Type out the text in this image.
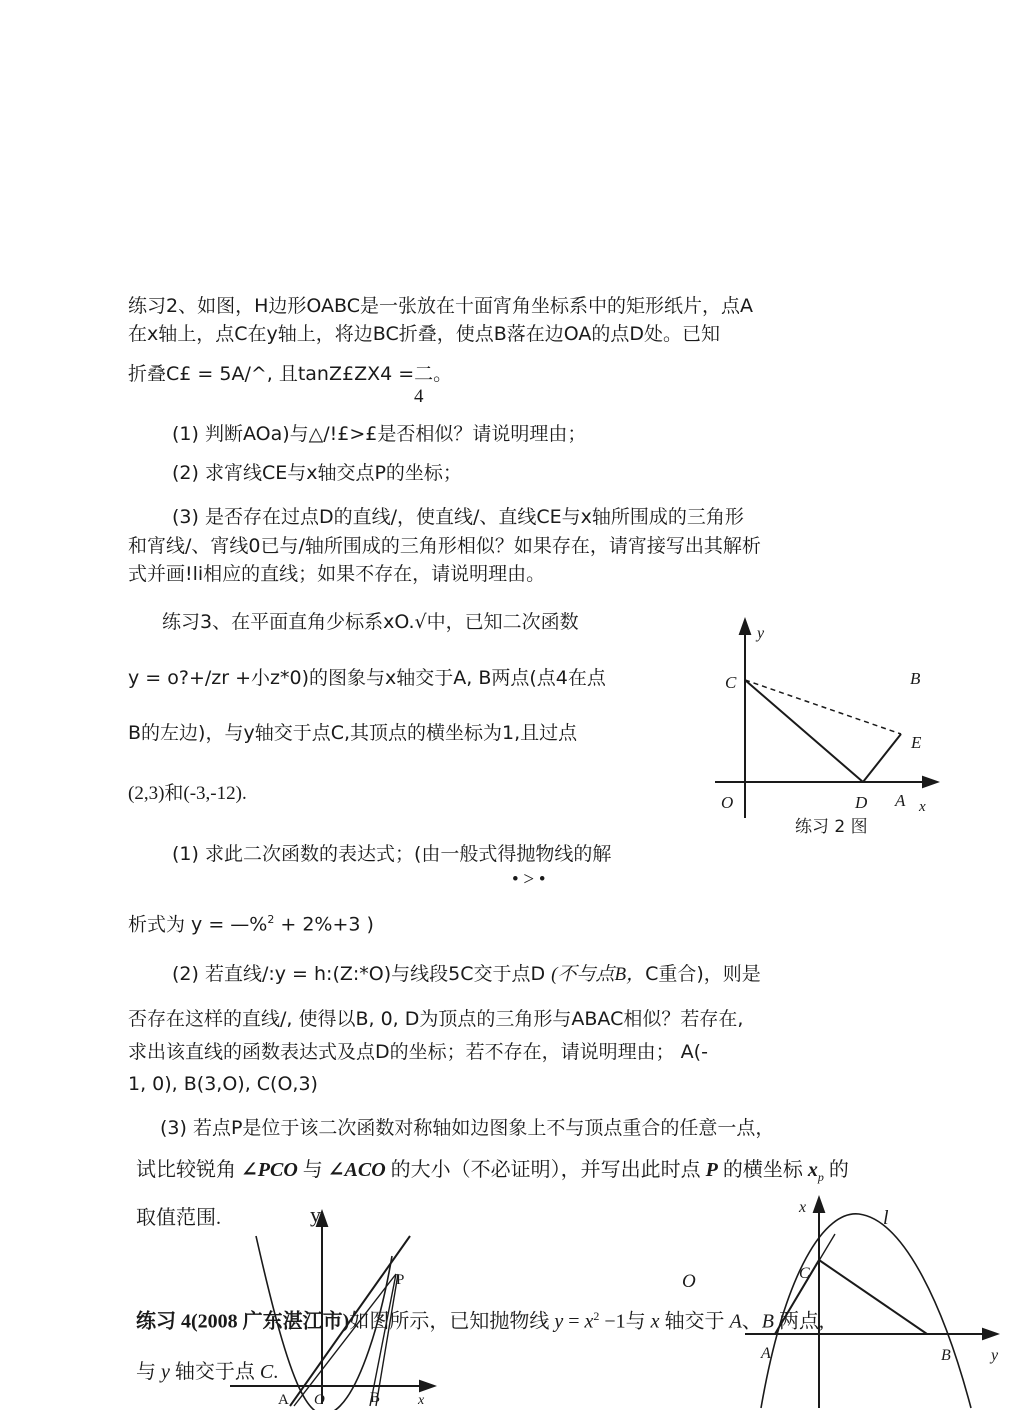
练习2、如图，H边形OABC是一张放在十面宵角坐标系中的矩形纸片，点A
在x轴上，点C在y轴上，将边BC折叠，使点B落在边OA的点D处。已知
折叠C£ = 5A/^, 且tanZ£ZX4 =二。
4
(1) 判断AOa)与△/!£>£是否相似？请说明理由；
(2) 求宵线CE与x轴交点P的坐标；
(3) 是否存在过点D的直线/，使直线/、直线CE与x轴所围成的三角形
和宵线/、宵线0已与/轴所围成的三角形相似？如果存在，请宵接写出其解析
式并画!li相应的直线；如果不存在，请说明理由。
练习3、在平面直角少标系xO.√中，已知二次函数
y = o?+/zr +小z*0)的图象与x轴交于A, B两点(点4在点
B的左边)，与y轴交于点C,其顶点的横坐标为1,且过点
(2,3)和(-3,-12).
(1) 求此二次函数的表达式；(由一般式得抛物线的解
• > •
析式为 y = —%$^2$ + 2%+3 )
(2) 若直线/:y = h:(Z:*O)与线段5C交于点D (不与点B，C重合)，则是
否存在这样的直线/, 使得以B, 0, D为顶点的三角形与ABAC相似？若存在,
求出该直线的函数表达式及点D的坐标；若不存在，请说明理由； A(-
1, 0), B(3,O), C(O,3)
(3) 若点P是位于该二次函数对称轴如边图象上不与顶点重合的任意一点，
试比较锐角 ∠PCO 与 ∠ACO 的大小（不必证明），并写出此时点 P 的横坐标 $x_p$ 的
取值范围.
练习 4(2008 广东湛江市)如图所示，已知抛物线 $y = x^2 -1$与 x 轴交于 A、B 两点,
与 y 轴交于点 C.
O
y
C	B
E
O	D A x
练习 2 图
y
P
A O	B	x
x	l
C
A	B	y
